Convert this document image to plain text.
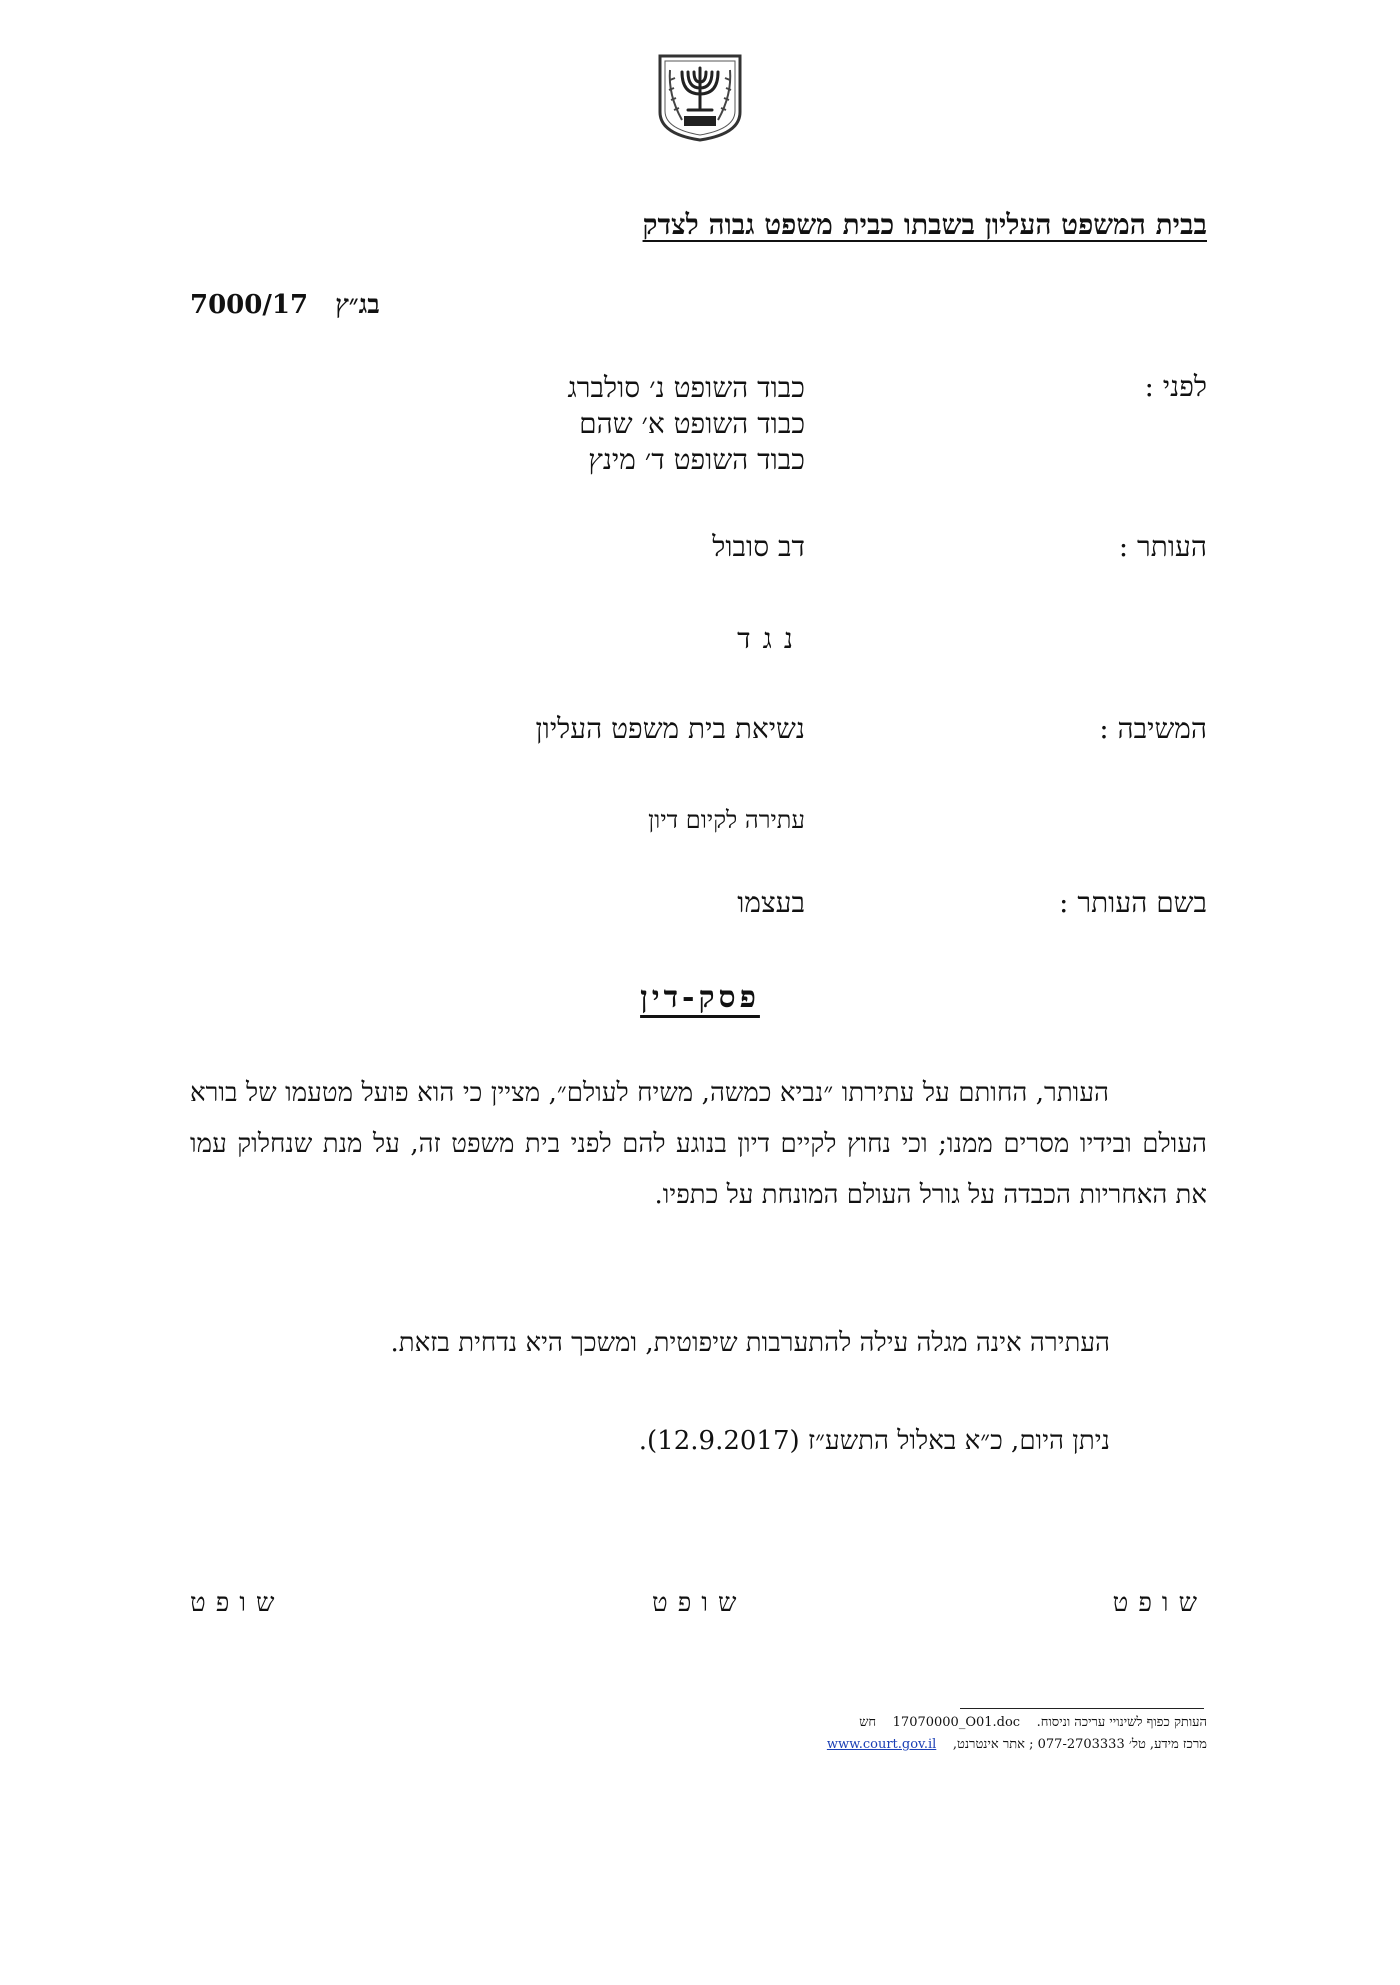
בבית המשפט העליון בשבתו כבית משפט גבוה לצדק
בג״ץ   7000/17
לפני :
כבוד השופט נ׳ סולברג
כבוד השופט א׳ שהם
כבוד השופט ד׳ מינץ
העותר :
דב סובול
נגד
המשיבה :
נשיאת בית משפט העליון
עתירה לקיום דיון
בשם העותר :
בעצמו
פסק-דין
העותר, החותם על עתירתו ״נביא כמשה, משיח לעולם״, מציין כי הוא פועל מטעמו של בורא העולם ובידיו מסרים ממנו; וכי נחוץ לקיים דיון בנוגע להם לפני בית משפט זה, על מנת שנחלוק עמו את האחריות הכבדה על גורל העולם המונחת על כתפיו.
העתירה אינה מגלה עילה להתערבות שיפוטית, ומשכך היא נדחית בזאת.
ניתן היום, כ״א באלול התשע״ז (12.9.2017).
שופט
שופט
שופט
העותק כפוף לשינויי עריכה וניסוח.    17070000_O01.doc    חש
מרכז מידע, טל׳ 077-2703333 ; אתר אינטרנט,    www.court.gov.il
